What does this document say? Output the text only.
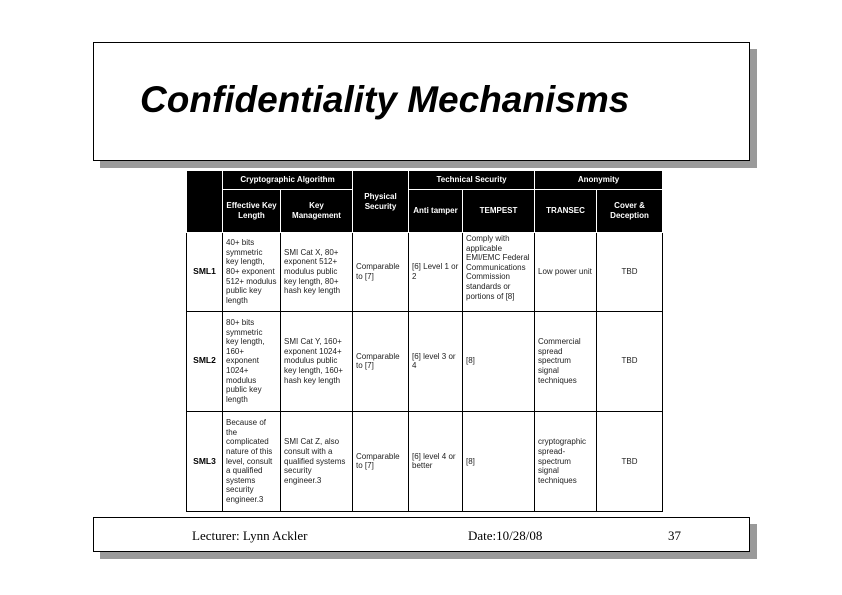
Confidentiality Mechanisms
	Cryptographic Algorithm		Physical Security	Technical Security		Anonymity	
	Effective Key Length	Key Management		Anti tamper	TEMPEST	TRANSEC	Cover & Deception
SML1	40+ bits symmetric key length, 80+ exponent 512+ modulus public key length	SMI Cat X, 80+ exponent 512+ modulus public key length, 80+ hash key length	Comparable to [7]	[6] Level 1 or 2	Comply with applicable EMI/EMC Federal Communications Commission standards or portions of [8]	Low power unit	TBD
SML2	80+ bits symmetric key length, 160+ exponent 1024+ modulus public key length	SMI Cat Y, 160+ exponent 1024+ modulus public key length, 160+ hash key length	Comparable to [7]	[6] level 3 or 4	[8]	Commercial spread spectrum signal techniques	TBD
SML3	Because of the complicated nature of this level, consult a qualified systems security engineer.3	SMI Cat Z, also consult with a qualified systems security engineer.3	Comparable to [7]	[6] level 4 or better	[8]	cryptographic spread-spectrum signal techniques	TBD
Lecturer: Lynn Ackler	Date:10/28/08	37
